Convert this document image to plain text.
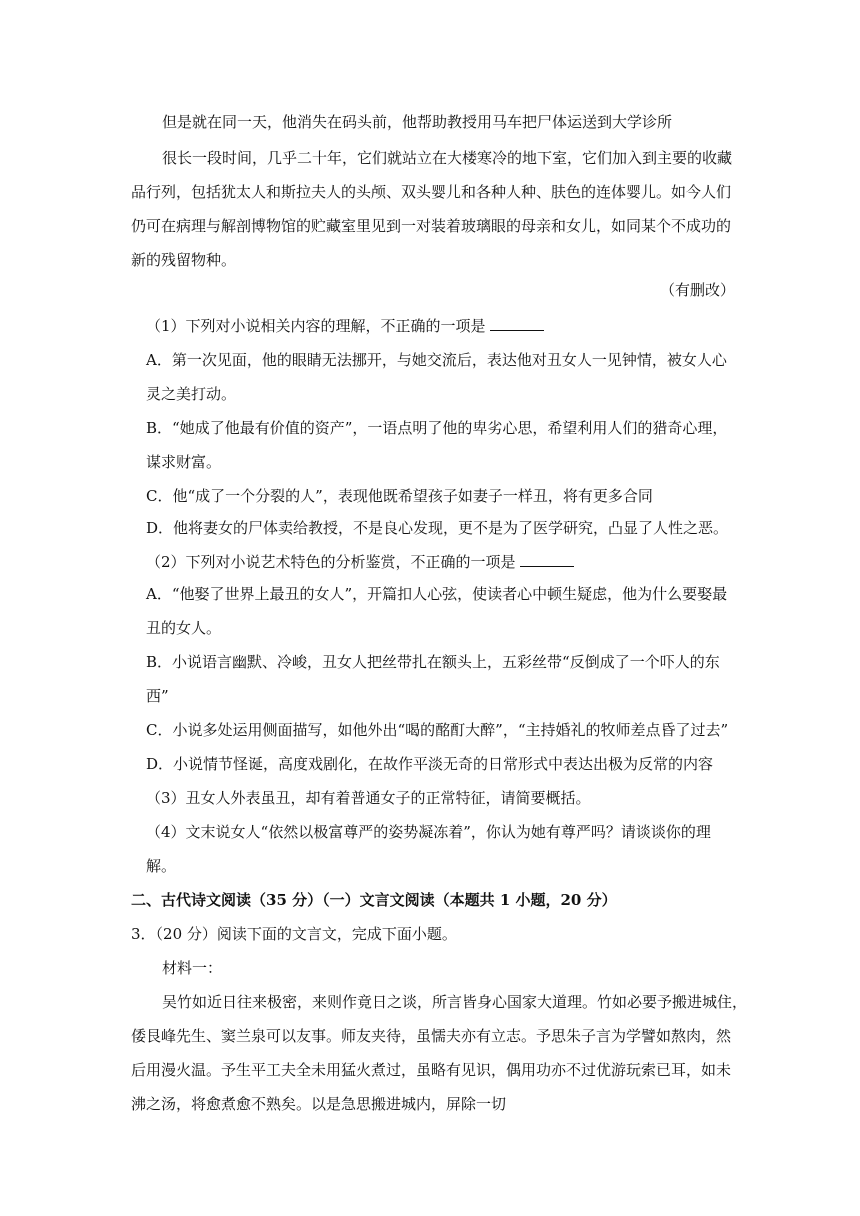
但是就在同一天，他消失在码头前，他帮助教授用马车把尸体运送到大学诊所
很长一段时间，几乎二十年，它们就站立在大楼寒冷的地下室，它们加入到主要的收藏
品行列，包括犹太人和斯拉夫人的头颅、双头婴儿和各种人种、肤色的连体婴儿。如今人们
仍可在病理与解剖博物馆的贮藏室里见到一对装着玻璃眼的母亲和女儿，如同某个不成功的
新的残留物种。
（有删改）
（1）下列对小说相关内容的理解，不正确的一项是
A．第一次见面，他的眼睛无法挪开，与她交流后，表达他对丑女人一见钟情，被女人心
灵之美打动。
B．“她成了他最有价值的资产”，一语点明了他的卑劣心思，希望利用人们的猎奇心理，
谋求财富。
C．他“成了一个分裂的人”，表现他既希望孩子如妻子一样丑，将有更多合同
D．他将妻女的尸体卖给教授，不是良心发现，更不是为了医学研究，凸显了人性之恶。
（2）下列对小说艺术特色的分析鉴赏，不正确的一项是
A．“他娶了世界上最丑的女人”，开篇扣人心弦，使读者心中顿生疑虑，他为什么要娶最
丑的女人。
B．小说语言幽默、冷峻，丑女人把丝带扎在额头上，五彩丝带“反倒成了一个吓人的东
西”
C．小说多处运用侧面描写，如他外出“喝的酩酊大醉”，“主持婚礼的牧师差点昏了过去”
D．小说情节怪诞，高度戏剧化，在故作平淡无奇的日常形式中表达出极为反常的内容
（3）丑女人外表虽丑，却有着普通女子的正常特征，请简要概括。
（4）文末说女人“依然以极富尊严的姿势凝冻着”，你认为她有尊严吗？请谈谈你的理
解。
二、古代诗文阅读（35 分）（一）文言文阅读（本题共 1 小题，20 分）
3．（20 分）阅读下面的文言文，完成下面小题。
材料一：
吴竹如近日往来极密，来则作竟日之谈，所言皆身心国家大道理。竹如必要予搬进城住，
倭艮峰先生、窦兰泉可以友事。师友夹待，虽懦夫亦有立志。予思朱子言为学譬如熬肉，然
后用漫火温。予生平工夫全未用猛火煮过，虽略有见识，偶用功亦不过优游玩索已耳，如未
沸之汤，将愈煮愈不熟矣。以是急思搬进城内，屏除一切
